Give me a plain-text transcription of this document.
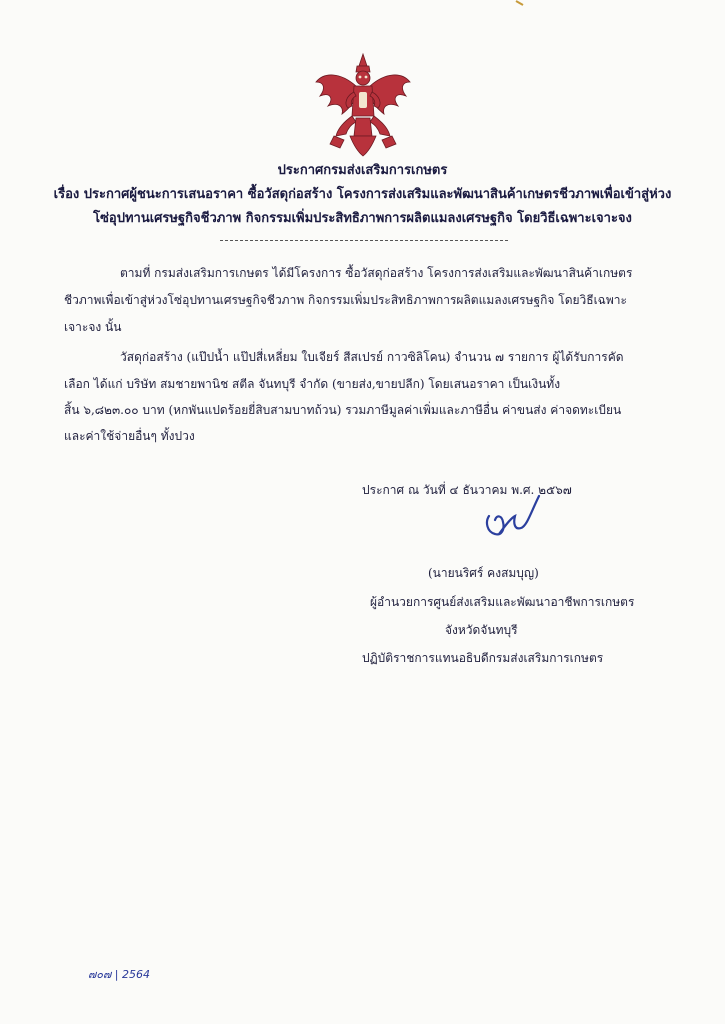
ประกาศกรมส่งเสริมการเกษตร
เรื่อง ประกาศผู้ชนะการเสนอราคา ซื้อวัสดุก่อสร้าง โครงการส่งเสริมและพัฒนาสินค้าเกษตรชีวภาพเพื่อเข้าสู่ห่วง
โซ่อุปทานเศรษฐกิจชีวภาพ กิจกรรมเพิ่มประสิทธิภาพการผลิตแมลงเศรษฐกิจ โดยวิธีเฉพาะเจาะจง
ตามที่ กรมส่งเสริมการเกษตร ได้มีโครงการ ซื้อวัสดุก่อสร้าง โครงการส่งเสริมและพัฒนาสินค้าเกษตร
ชีวภาพเพื่อเข้าสู่ห่วงโซ่อุปทานเศรษฐกิจชีวภาพ กิจกรรมเพิ่มประสิทธิภาพการผลิตแมลงเศรษฐกิจ โดยวิธีเฉพาะ
เจาะจง นั้น
วัสดุก่อสร้าง (แป๊ปน้ำ แป๊ปสี่เหลี่ยม ใบเจียร์ สีสเปรย์ กาวซิลิโคน) จำนวน ๗ รายการ ผู้ได้รับการคัด
เลือก ได้แก่ บริษัท สมชายพานิช สตีล จันทบุรี จำกัด (ขายส่ง,ขายปลีก) โดยเสนอราคา เป็นเงินทั้ง
สิ้น ๖,๘๒๓.๐๐ บาท (หกพันแปดร้อยยี่สิบสามบาทถ้วน) รวมภาษีมูลค่าเพิ่มและภาษีอื่น ค่าขนส่ง ค่าจดทะเบียน
และค่าใช้จ่ายอื่นๆ ทั้งปวง
ประกาศ ณ วันที่ ๔ ธันวาคม พ.ศ. ๒๕๖๗
(นายนริศร์ คงสมบุญ)
ผู้อำนวยการศูนย์ส่งเสริมและพัฒนาอาชีพการเกษตร
จังหวัดจันทบุรี
ปฏิบัติราชการแทนอธิบดีกรมส่งเสริมการเกษตร
๗๐๗ | 2564
